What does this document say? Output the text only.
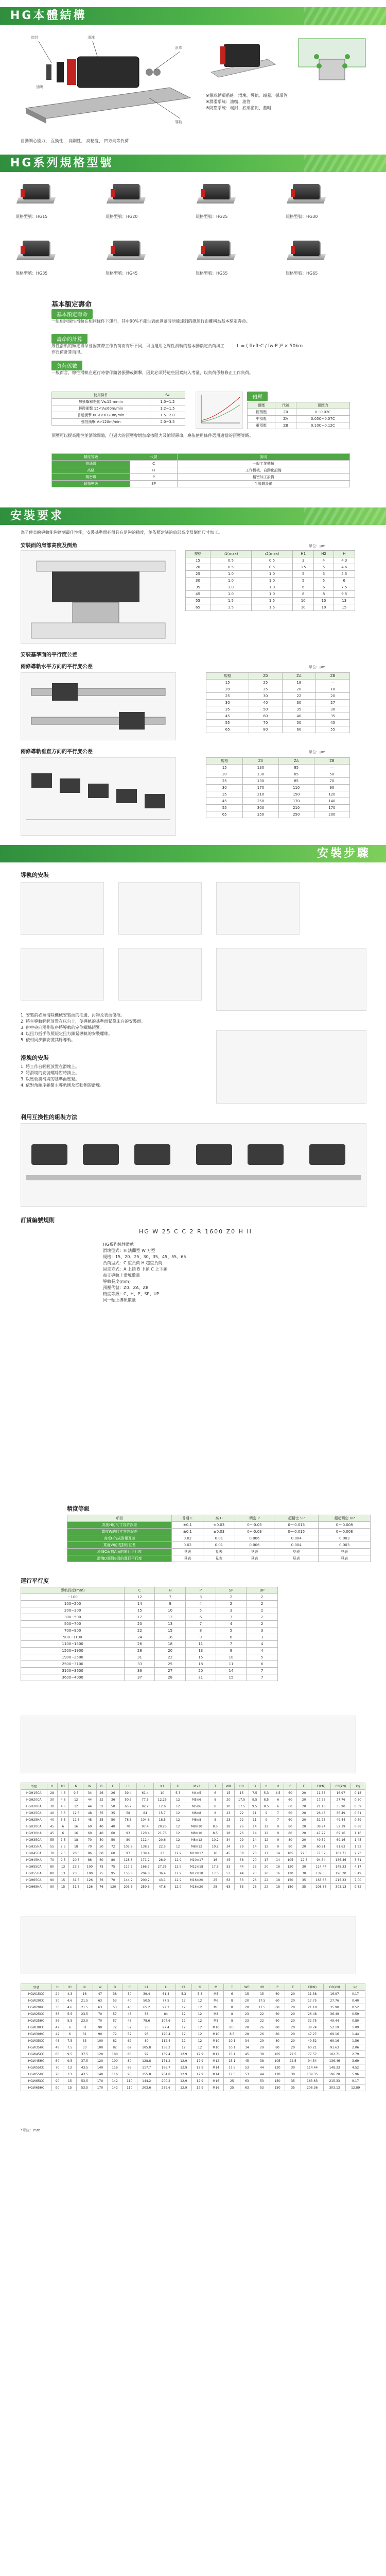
HG本體結構
端封	滑塊
滾珠
導軌
油嘴
自動調心能力、 互換性、 高剛性、 高精度、 四方向等負荷
※鋼珠循環系統：滑塊、導軌、端蓋、循環管
※潤滑系統：油嘴、油管
※防塵系統：端封、底部密封、蓋帽
HG系列規格型號
規格型號：HG15	規格型號：HG20	規格型號：HG25	規格型號：HG30
規格型號：HG35	規格型號：HG45	規格型號：HG55	規格型號：HG65
基本額定壽命
基本額定壽命
一組相同線性滑軌在相同條件下運行，其中90%不產生表面剝落時所能達到的總運行距離稱為基本額定壽命。
壽命的計算
線性滑軌的額定壽命會因實際工作負荷而有所不同，可由選用之線性滑軌的基本動額定負荷與工作負荷計算而得。
L = ( fh·ft·C / fw·P )³ × 50km
負荷係數
一般而言，線性滑軌在運行時會伴隨著振動或衝擊，因此必須將這些因素納入考量，以負荷係數修正工作負荷。
使用條件	fw
無衝擊和振動 V≤15m/min	1.0~1.2
輕微衝擊 15<V≤60m/min	1.2~1.5
普通衝擊 60<V≤120m/min	1.5~2.0
強烈衝擊 V>120m/min	2.0~3.5
預壓
預壓	代號	預壓力
輕預壓	Z0	0~0.02C
中預壓	ZA	0.05C~0.07C
重預壓	ZB	0.10C~0.12C
預壓可以提高剛性並消除間隙，但過大的預壓會增加摩擦阻力及縮短壽命，應依使用條件選用適當的預壓等級。
精度等級	代號	說明
普通級	C	一般工業機械
高級	H	工作機械、自動化設備
精密級	P	精密加工設備
超精密級	SP	半導體設備
安裝要求
為了使直線導軌能夠達到最佳性能，安裝基準面必須具有足夠的精度，並依照建議的肩部高度及倒角尺寸加工。
安裝面的肩部高度及倒角	單位：μm
規格	r1(max)	r2(max)	H1	H2	H
15	0.5	0.5	3	4	4.3
20	0.5	0.5	3.5	5	4.6
25	1.0	1.0	5	5	5.5
30	1.0	1.0	5	5	6
35	1.0	1.0	6	6	7.5
45	1.0	1.0	8	8	9.5
55	1.5	1.5	10	10	13
65	1.5	1.5	10	10	15
安裝基準面的平行度公差
兩條導軌水平方向的平行度公差	單位：μm
規格	Z0	ZA	ZB
15	25	18	—
20	25	20	18
25	30	22	20
30	40	30	27
35	50	35	30
45	60	40	35
55	70	50	45
65	80	60	55
兩條導軌垂直方向的平行度公差	單位：μm
規格	Z0	ZA	ZB
15	130	85	—
20	130	85	50
25	130	85	70
30	170	110	90
35	210	150	120
45	250	170	140
55	300	210	170
65	350	250	200
安裝步驟
導軌的安裝
1. 安裝前必須清除機械安裝面的毛邊、污物及表面傷痕。
2. 將主導軌輕輕放置在床台上，使導軌的基準面緊靠床台的安裝面。
3. 由中央向兩側依序將導軌的定位螺絲鎖緊。
4. 以扭力扳手依照規定扭力鎖緊導軌的安裝螺絲。
5. 依相同步驟安裝其餘導軌。
滑塊的安裝
1. 將工作台輕輕放置在滑塊上。
2. 將滑塊的安裝螺絲暫時鎖上。
3. 以壓板將滑塊的基準面壓緊。
4. 依對角順序鎖緊主導軌側及從動側的滑塊。
利用互換性的組裝方法
訂貨編號規則
HG W 25 C C 2 R 1600 Z0 H II
HG系列線性滑軌
滑塊型式：H 法蘭型 W 方型
規格：15、20、25、30、35、45、55、65
負荷型式：C 重負荷 H 超重負荷
固定方式：A 上鎖 B 下鎖 C 上下鎖
每支導軌上滑塊數量
導軌長度(mm)
預壓代號：Z0、ZA、ZB
精度等級：C、H、P、SP、UP
同一軸上導軌數量
精度等級
項目	普通 C	高 H	精密 P	超精密 SP	超超精密 UP
高度H的尺寸容許誤差	±0.1	±0.03	0~-0.03	0~-0.015	0~-0.008
寬度W的尺寸容許誤差	±0.1	±0.03	0~-0.03	0~-0.015	0~-0.008
高度H的成對相互差	0.02	0.01	0.006	0.004	0.003
寬度W的成對相互差	0.02	0.01	0.006	0.004	0.003
滑塊C面對A面的運行平行度	見表	見表	見表	見表	見表
滑塊D面對B面的運行平行度	見表	見表	見表	見表	見表
運行平行度
導軌長度(mm)	C	H	P	SP	UP
~100	12	7	3	2	2
100~200	14	9	4	2	2
200~300	15	10	5	3	2
300~500	17	12	6	3	2
500~700	20	13	7	4	2
700~900	22	15	8	5	3
900~1100	24	16	9	6	3
1100~1500	26	18	11	7	4
1500~1900	28	20	13	8	4
1900~2500	31	22	15	10	5
2500~3100	33	25	18	11	6
3100~3600	36	27	20	14	7
3600~4000	37	28	21	15	7
型號	H	H1	N	W	B	C	L1	L	K1	G	M×l	T	WR	HR	D	h	d	P	E	C(kN)	C0(kN)	kg
HGH15CA	28	4.3	9.5	34	26	26	39.4	61.4	10	5.3	M4×5	6	15	15	7.5	5.3	4.5	60	20	11.38	16.97	0.18
HGH20CA	30	4.6	12	44	32	36	50.5	77.5	12.25	12	M5×6	8	20	17.5	9.5	8.5	6	60	20	17.75	27.76	0.30
HGH20HA	30	4.6	12	44	32	50	65.2	92.2	12.6	12	M5×6	8	20	17.5	9.5	8.5	6	60	20	21.18	35.90	0.39
HGH25CA	40	5.5	12.5	48	35	35	58	84	15.7	12	M6×8	8	23	22	11	9	7	60	20	26.48	36.49	0.51
HGH25HA	40	5.5	12.5	48	35	50	78.6	104.6	18.5	12	M6×8	8	23	22	11	9	7	60	20	32.75	49.44	0.69
HGH30CA	45	6	16	60	40	40	70	97.4	20.25	12	M8×10	8.5	28	26	14	12	9	80	20	38.74	52.19	0.88
HGH30HA	45	6	16	60	40	60	93	120.4	21.75	12	M8×10	8.5	28	26	14	12	9	80	20	47.27	69.16	1.16
HGH35CA	55	7.5	18	70	50	50	80	112.4	20.6	12	M8×12	10.2	34	29	14	12	9	80	20	49.52	69.16	1.45
HGH35HA	55	7.5	18	70	50	72	105.8	138.2	22.5	12	M8×12	10.2	34	29	14	12	9	80	20	60.21	91.63	1.92
HGH45CA	70	9.5	20.5	86	60	60	97	139.4	23	12.9	M10×17	16	45	38	20	17	14	105	22.5	77.57	102.71	2.73
HGH45HA	70	9.5	20.5	86	60	80	128.8	171.2	28.9	12.9	M10×17	16	45	38	20	17	14	105	22.5	94.54	136.46	3.61
HGH55CA	80	13	23.5	100	75	75	117.7	166.7	27.35	12.9	M12×18	17.5	53	44	23	20	16	120	30	114.44	148.33	4.17
HGH55HA	80	13	23.5	100	75	95	155.8	204.8	36.4	12.9	M12×18	17.5	53	44	23	20	16	120	30	139.35	196.20	5.49
HGH65CA	90	15	31.5	126	76	70	144.2	200.2	43.1	12.9	M16×20	25	63	53	26	22	18	150	35	163.63	215.33	7.00
HGH65HA	90	15	31.5	126	76	120	203.6	259.6	47.8	12.9	M16×20	25	63	53	26	22	18	150	35	208.36	303.13	9.82
型號	H	H1	N	W	B	C	L1	L	K1	G	M	T	WR	HR	P	E	C(kN)	C0(kN)	kg
HGW15CC	24	4.3	16	47	38	30	39.4	61.4	5.3	5.3	M5	6	15	15	60	20	11.38	16.97	0.17
HGW20CC	30	4.6	21.5	63	53	40	50.5	77.5	12	12	M6	8	20	17.5	60	20	17.75	27.76	0.40
HGW20HC	30	4.6	21.5	63	53	40	65.2	92.2	12	12	M6	8	20	17.5	60	20	21.18	35.90	0.52
HGW25CC	36	5.5	23.5	70	57	45	58	84	12	12	M8	8	23	22	60	20	26.48	36.49	0.59
HGW25HC	36	5.5	23.5	70	57	45	78.6	104.6	12	12	M8	8	23	22	60	20	32.75	49.44	0.80
HGW30CC	42	6	31	90	72	52	70	97.4	12	12	M10	8.5	28	26	80	20	38.74	52.19	1.09
HGW30HC	42	6	31	90	72	52	93	120.4	12	12	M10	8.5	28	26	80	20	47.27	69.16	1.44
HGW35CC	48	7.5	33	100	82	62	80	112.4	12	12	M10	10.1	34	29	80	20	49.52	69.16	1.56
HGW35HC	48	7.5	33	100	82	62	105.8	138.2	12	12	M10	10.1	34	29	80	20	60.21	91.63	2.06
HGW45CC	60	9.5	37.5	120	100	80	97	139.4	12.9	12.9	M12	15.1	45	38	105	22.5	77.57	102.71	2.79
HGW45HC	60	9.5	37.5	120	100	80	128.8	171.2	12.9	12.9	M12	15.1	45	38	105	22.5	94.54	136.46	3.69
HGW55CC	70	13	43.5	140	116	95	117.7	166.7	12.9	12.9	M14	17.5	53	44	120	30	114.44	148.33	4.52
HGW55HC	70	13	43.5	140	116	95	155.8	204.8	12.9	12.9	M14	17.5	53	44	120	30	139.35	196.20	5.96
HGW65CC	90	15	53.5	170	142	110	144.2	200.2	12.9	12.9	M16	25	63	53	150	35	163.63	215.33	9.17
HGW65HC	90	15	53.5	170	142	110	203.6	259.6	12.9	12.9	M16	25	63	53	150	35	208.36	303.13	12.89
*單位：mm
